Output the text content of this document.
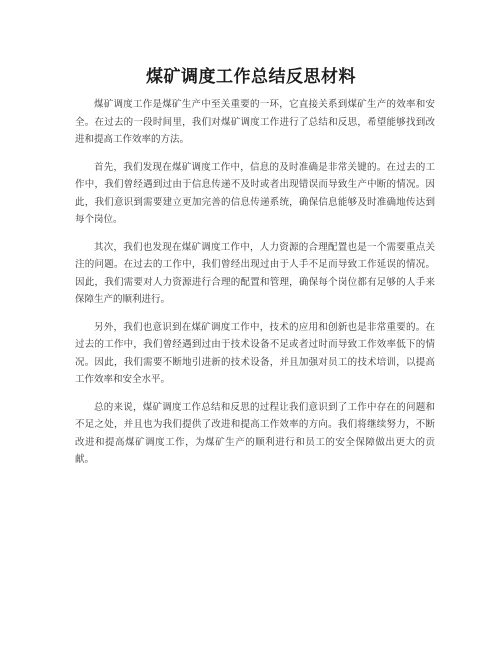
煤矿调度工作总结反思材料

煤矿调度工作是煤矿生产中至关重要的一环，它直接关系到煤矿生产的效率和安全。在过去的一段时间里，我们对煤矿调度工作进行了总结和反思，希望能够找到改进和提高工作效率的方法。

首先，我们发现在煤矿调度工作中，信息的及时准确是非常关键的。在过去的工作中，我们曾经遇到过由于信息传递不及时或者出现错误而导致生产中断的情况。因此，我们意识到需要建立更加完善的信息传递系统，确保信息能够及时准确地传达到每个岗位。

其次，我们也发现在煤矿调度工作中，人力资源的合理配置也是一个需要重点关注的问题。在过去的工作中，我们曾经出现过由于人手不足而导致工作延误的情况。因此，我们需要对人力资源进行合理的配置和管理，确保每个岗位都有足够的人手来保障生产的顺利进行。

另外，我们也意识到在煤矿调度工作中，技术的应用和创新也是非常重要的。在过去的工作中，我们曾经遇到过由于技术设备不足或者过时而导致工作效率低下的情况。因此，我们需要不断地引进新的技术设备，并且加强对员工的技术培训，以提高工作效率和安全水平。

总的来说，煤矿调度工作总结和反思的过程让我们意识到了工作中存在的问题和不足之处，并且也为我们提供了改进和提高工作效率的方向。我们将继续努力，不断改进和提高煤矿调度工作，为煤矿生产的顺利进行和员工的安全保障做出更大的贡献。
